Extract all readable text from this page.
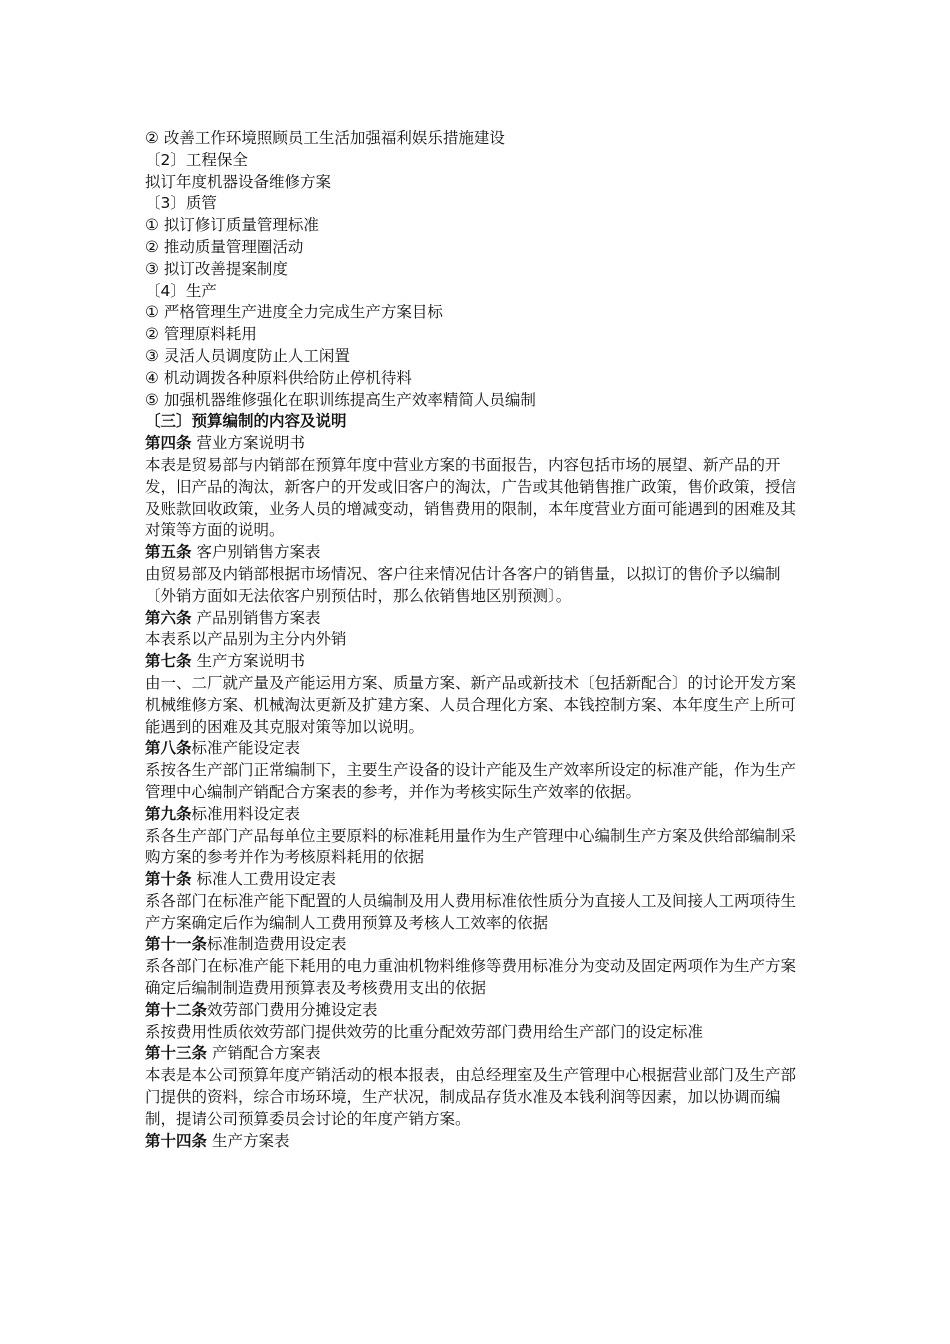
② 改善工作环境照顾员工生活加强福利娱乐措施建设

〔2〕工程保全

拟订年度机器设备维修方案

〔3〕质管

① 拟订修订质量管理标准

② 推动质量管理圈活动

③ 拟订改善提案制度

〔4〕生产

① 严格管理生产进度全力完成生产方案目标

② 管理原料耗用

③ 灵活人员调度防止人工闲置

④ 机动调拨各种原料供给防止停机待料

⑤ 加强机器维修强化在职训练提高生产效率精简人员编制

〔三〕预算编制的内容及说明

第四条 营业方案说明书

本表是贸易部与内销部在预算年度中营业方案的书面报告，内容包括市场的展望、新产品的开发，旧产品的淘汰，新客户的开发或旧客户的淘汰，广告或其他销售推广政策，售价政策，授信及账款回收政策，业务人员的增减变动，销售费用的限制，本年度营业方面可能遇到的困难及其对策等方面的说明。

第五条 客户别销售方案表

由贸易部及内销部根据市场情况、客户往来情况估计各客户的销售量，以拟订的售价予以编制〔外销方面如无法依客户别预估时，那么依销售地区别预测〕。

第六条 产品别销售方案表

本表系以产品别为主分内外销

第七条 生产方案说明书

由一、二厂就产量及产能运用方案、质量方案、新产品或新技术〔包括新配合〕的讨论开发方案机械维修方案、机械淘汰更新及扩建方案、人员合理化方案、本钱控制方案、本年度生产上所可能遇到的困难及其克服对策等加以说明。

第八条标准产能设定表

系按各生产部门正常编制下，主要生产设备的设计产能及生产效率所设定的标准产能，作为生产管理中心编制产销配合方案表的参考，并作为考核实际生产效率的依据。

第九条标准用料设定表

系各生产部门产品每单位主要原料的标准耗用量作为生产管理中心编制生产方案及供给部编制采购方案的参考并作为考核原料耗用的依据

第十条 标准人工费用设定表

系各部门在标准产能下配置的人员编制及用人费用标准依性质分为直接人工及间接人工两项待生产方案确定后作为编制人工费用预算及考核人工效率的依据

第十一条标准制造费用设定表

系各部门在标准产能下耗用的电力重油机物料维修等费用标准分为变动及固定两项作为生产方案确定后编制制造费用预算表及考核费用支出的依据

第十二条效劳部门费用分摊设定表

系按费用性质依效劳部门提供效劳的比重分配效劳部门费用给生产部门的设定标准

第十三条 产销配合方案表

本表是本公司预算年度产销活动的根本报表，由总经理室及生产管理中心根据营业部门及生产部门提供的资料，综合市场环境，生产状况，制成品存货水准及本钱利润等因素，加以协调而编制，提请公司预算委员会讨论的年度产销方案。

第十四条 生产方案表
